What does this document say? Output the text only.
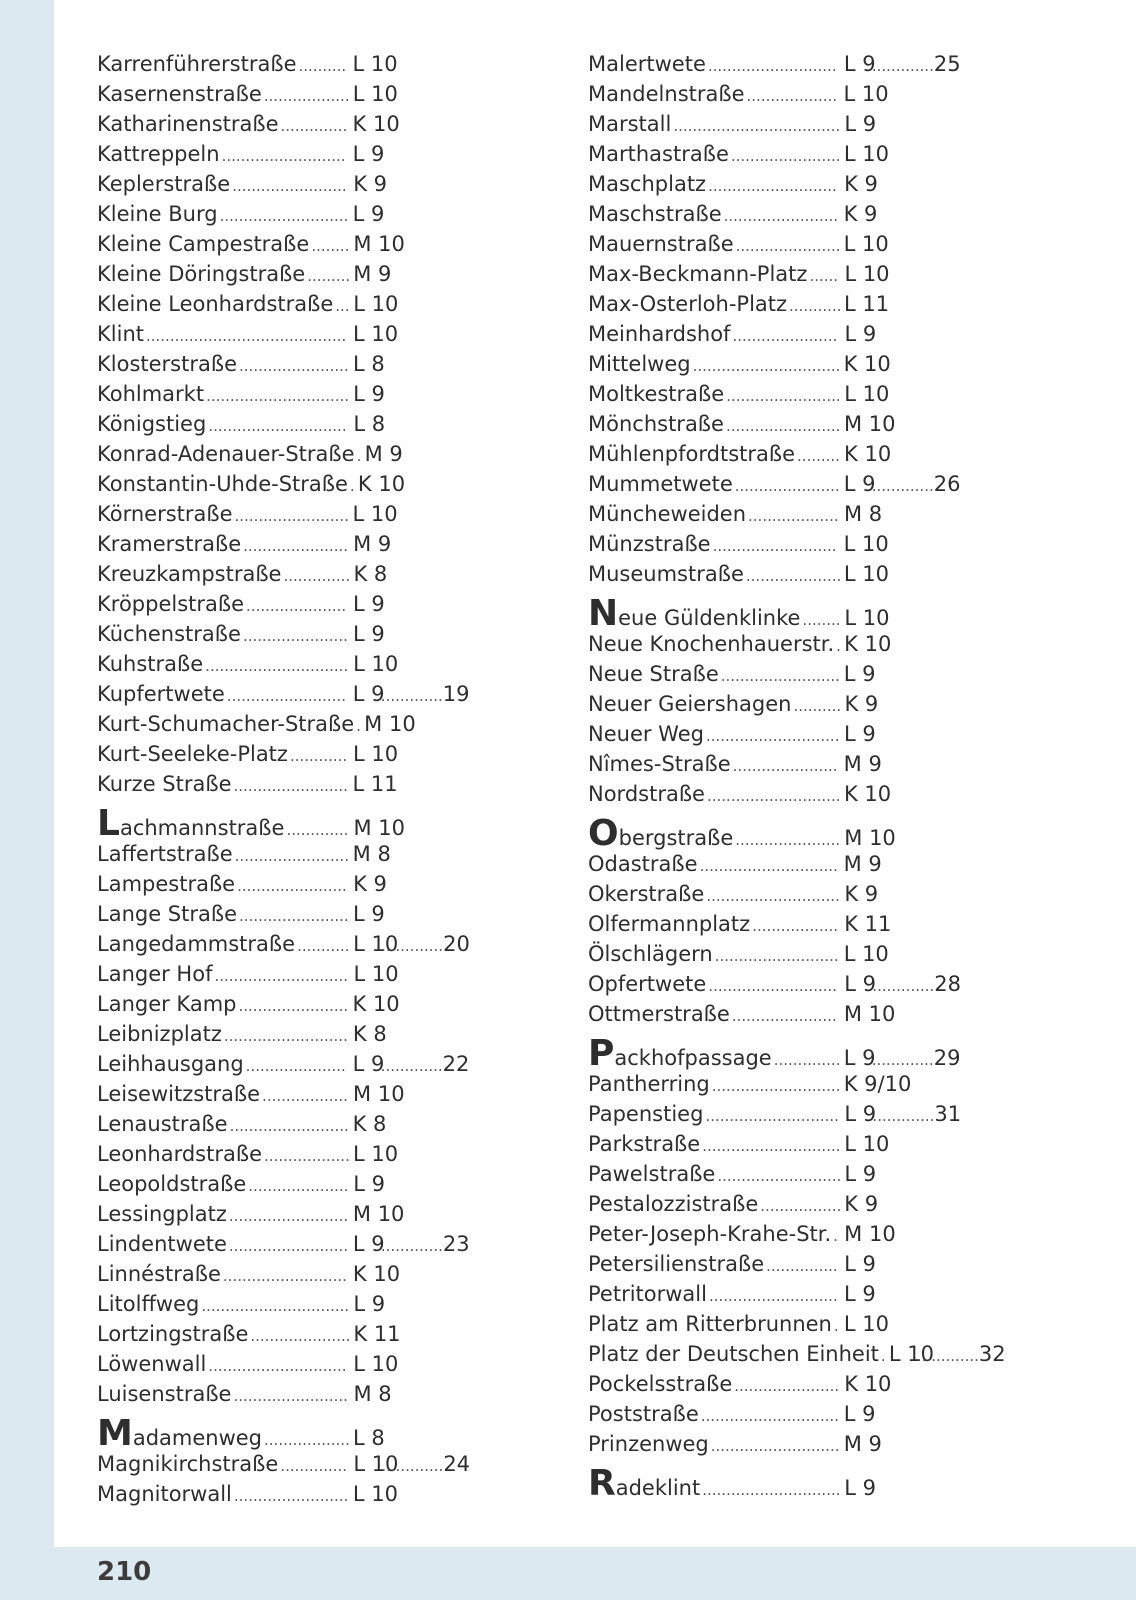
Karrenführerstraße .......... L 10
Kasernenstraße .................. L 10
Katharinenstraße .............. K 10
Kattreppeln .......................... L 9
Keplerstraße ........................ K 9
Kleine Burg ........................... L 9
Kleine Campestraße ........ M 10
Kleine Döringstraße ......... M 9
Kleine Leonhardstraße ... L 10
Klint .......................................... L 10
Klosterstraße ....................... L 8
Kohlmarkt .............................. L 9
Königstieg ............................. L 8
Konrad-Adenauer-Straße . M 9
Konstantin-Uhde-Straße . K 10
Körnerstraße ........................ L 10
Kramerstraße ...................... M 9
Kreuzkampstraße .............. K 8
Kröppelstraße ..................... L 9
Küchenstraße ...................... L 9
Kuhstraße .............................. L 10
Kupfertwete ......................... L 9
............. 19
Kurt-Schumacher-Straße . M 10
Kurt-Seeleke-Platz ............ L 10
Kurze Straße ........................ L 11
Lachmannstraße ............. M 10
Laffertstraße ........................ M 8
Lampestraße ....................... K 9
Lange Straße ....................... L 9
Langedammstraße ........... L 10
............. 20
Langer Hof ............................ L 10
Langer Kamp ....................... K 10
Leibnizplatz .......................... K 8
Leihhausgang ..................... L 9
............. 22
Leisewitzstraße .................. M 10
Lenaustraße ......................... K 8
Leonhardstraße .................. L 10
Leopoldstraße ..................... L 9
Lessingplatz ......................... M 10
Lindentwete ......................... L 9
............. 23
Linnéstraße .......................... K 10
Litolffweg ............................... L 9
Lortzingstraße ..................... K 11
Löwenwall ............................. L 10
Luisenstraße ........................ M 8
Madamenweg .................. L 8
Magnikirchstraße .............. L 10
............. 24
Magnitorwall ........................ L 10
Malertwete ........................... L 9
............. 25
Mandelnstraße ................... L 10
Marstall ................................... L 9
Marthastraße ....................... L 10
Maschplatz ........................... K 9
Maschstraße ........................ K 9
Mauernstraße ...................... L 10
Max-Beckmann-Platz ...... L 10
Max-Osterloh-Platz ........... L 11
Meinhardshof ...................... L 9
Mittelweg ............................... K 10
Moltkestraße ........................ L 10
Mönchstraße ........................ M 10
Mühlenpfordtstraße ......... K 10
Mummetwete ...................... L 9
............. 26
Müncheweiden ................... M 8
Münzstraße .......................... L 10
Museumstraße .................... L 10
Neue Güldenklinke ........ L 10
Neue Knochenhauerstr. . K 10
Neue Straße ......................... L 9
Neuer Geiershagen .......... K 9
Neuer Weg ............................ L 9
Nîmes-Straße ...................... M 9
Nordstraße ............................ K 10
Obergstraße ...................... M 10
Odastraße ............................. M 9
Okerstraße ............................ K 9
Olfermannplatz .................. K 11
Ölschlägern .......................... L 10
Opfertwete ........................... L 9
............. 28
Ottmerstraße ...................... M 10
Packhofpassage .............. L 9
............. 29
Pantherring ........................... K 9/10
Papenstieg ............................ L 9
............. 31
Parkstraße ............................. L 10
Pawelstraße .......................... L 9
Pestalozzistraße ................. K 9
Peter-Joseph-Krahe-Str. . M 10
Petersilienstraße ............... L 9
Petritorwall ........................... L 9
Platz am Ritterbrunnen . L 10
Platz der Deutschen Einheit . L 10
............. 32
Pockelsstraße ...................... K 10
Poststraße ............................. L 9
Prinzenweg ........................... M 9
Radeklint ............................. L 9
210
